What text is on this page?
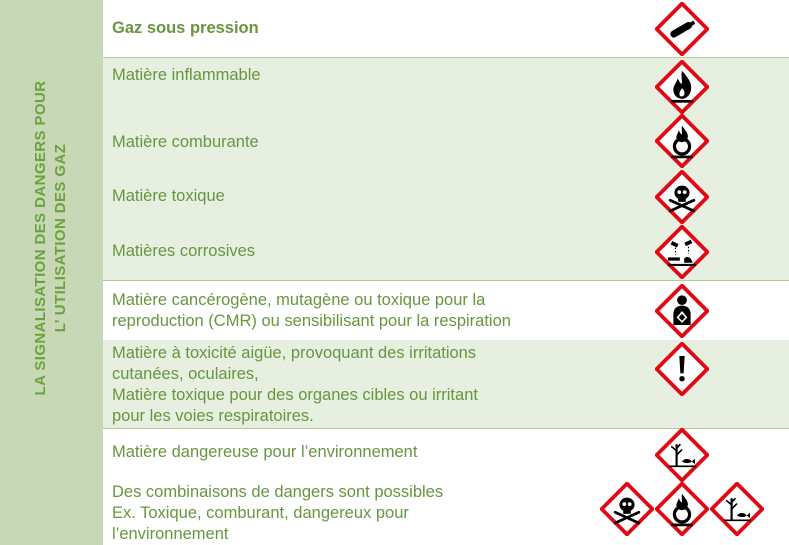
LA SIGNALISATION DES DANGERS POUR L’ UTILISATION DES GAZ
Gaz sous pression
Matière inflammable
Matière comburante
Matière toxique
Matières corrosives
Matière cancérogène, mutagène ou toxique pour la
reproduction (CMR) ou sensibilisant pour la respiration
Matière à toxicité aigüe, provoquant des irritations
cutanées, oculaires,
Matière toxique pour des organes cibles ou irritant
pour les voies respiratoires.
Matière dangereuse pour l’environnement
Des combinaisons de dangers sont possibles
Ex. Toxique, comburant, dangereux pour
l’environnement
